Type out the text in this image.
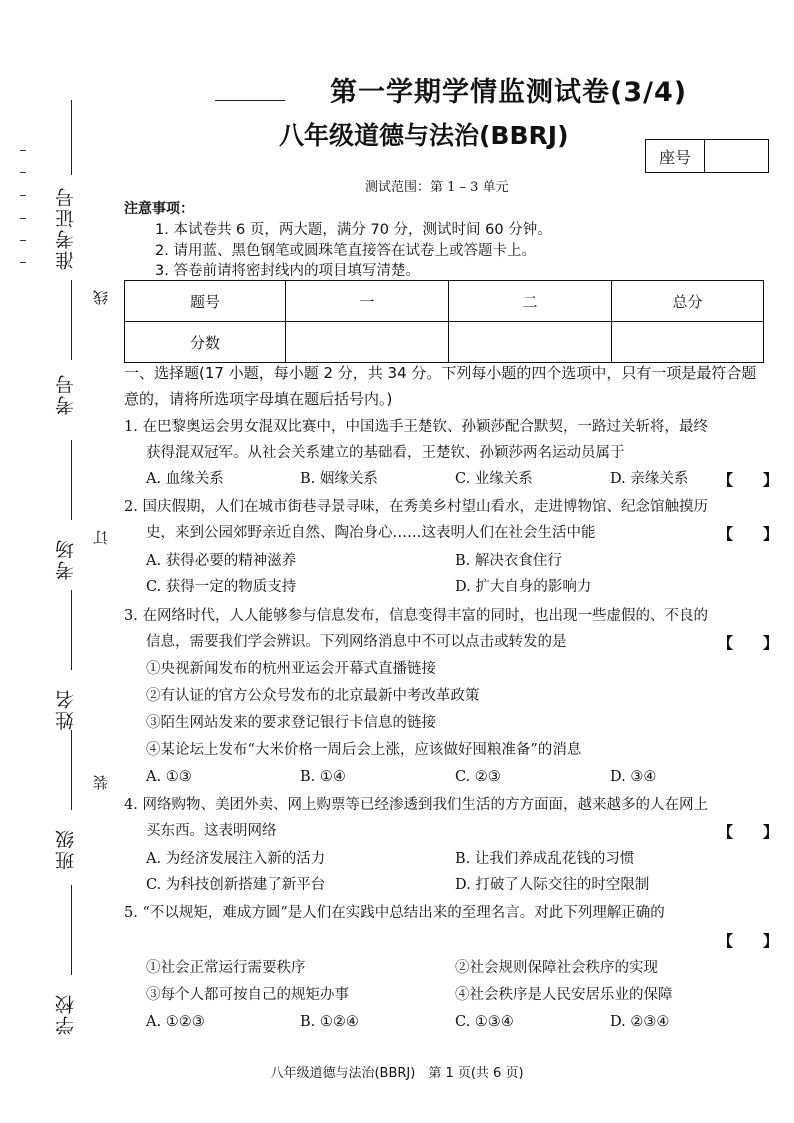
准考证号
考号
考场
姓名
班级
学校
线
订
装
第一学期学情监测试卷(3/4)
八年级道德与法治(BBRJ)
座号
测试范围：第 1 – 3 单元
注意事项：
1. 本试卷共 6 页，两大题，满分 70 分，测试时间 60 分钟。
2. 请用蓝、黑色钢笔或圆珠笔直接答在试卷上或答题卡上。
3. 答卷前请将密封线内的项目填写清楚。
题号	一	二	总分
分数			
一、选择题(17 小题，每小题 2 分，共 34 分。下列每小题的四个选项中，只有一项是最符合题
意的，请将所选项字母填在题后括号内。)
1. 在巴黎奥运会男女混双比赛中，中国选手王楚钦、孙颖莎配合默契，一路过关斩将，最终
获得混双冠军。从社会关系建立的基础看，王楚钦、孙颖莎两名运动员属于
A. 血缘关系	B. 姻缘关系	C. 业缘关系	D. 亲缘关系 【　　】
2. 国庆假期，人们在城市街巷寻景寻味，在秀美乡村望山看水，走进博物馆、纪念馆触摸历
史，来到公园郊野亲近自然、陶冶身心……这表明人们在社会生活中能	【　　】
A. 获得必要的精神滋养	B. 解决衣食住行
C. 获得一定的物质支持	D. 扩大自身的影响力
3. 在网络时代，人人能够参与信息发布，信息变得丰富的同时，也出现一些虚假的、不良的
信息，需要我们学会辨识。下列网络消息中不可以点击或转发的是	【　　】
①央视新闻发布的杭州亚运会开幕式直播链接
②有认证的官方公众号发布的北京最新中考改革政策
③陌生网站发来的要求登记银行卡信息的链接
④某论坛上发布“大米价格一周后会上涨，应该做好囤粮准备”的消息
A. ①③	B. ①④	C. ②③	D. ③④
4. 网络购物、美团外卖、网上购票等已经渗透到我们生活的方方面面，越来越多的人在网上
买东西。这表明网络	【　　】
A. 为经济发展注入新的活力	B. 让我们养成乱花钱的习惯
C. 为科技创新搭建了新平台	D. 打破了人际交往的时空限制
5. “不以规矩，难成方圆”是人们在实践中总结出来的至理名言。对此下列理解正确的
【　　】
①社会正常运行需要秩序	②社会规则保障社会秩序的实现
③每个人都可按自己的规矩办事	④社会秩序是人民安居乐业的保障
A. ①②③	B. ①②④	C. ①③④	D. ②③④
八年级道德与法治(BBRJ)　第 1 页(共 6 页)
